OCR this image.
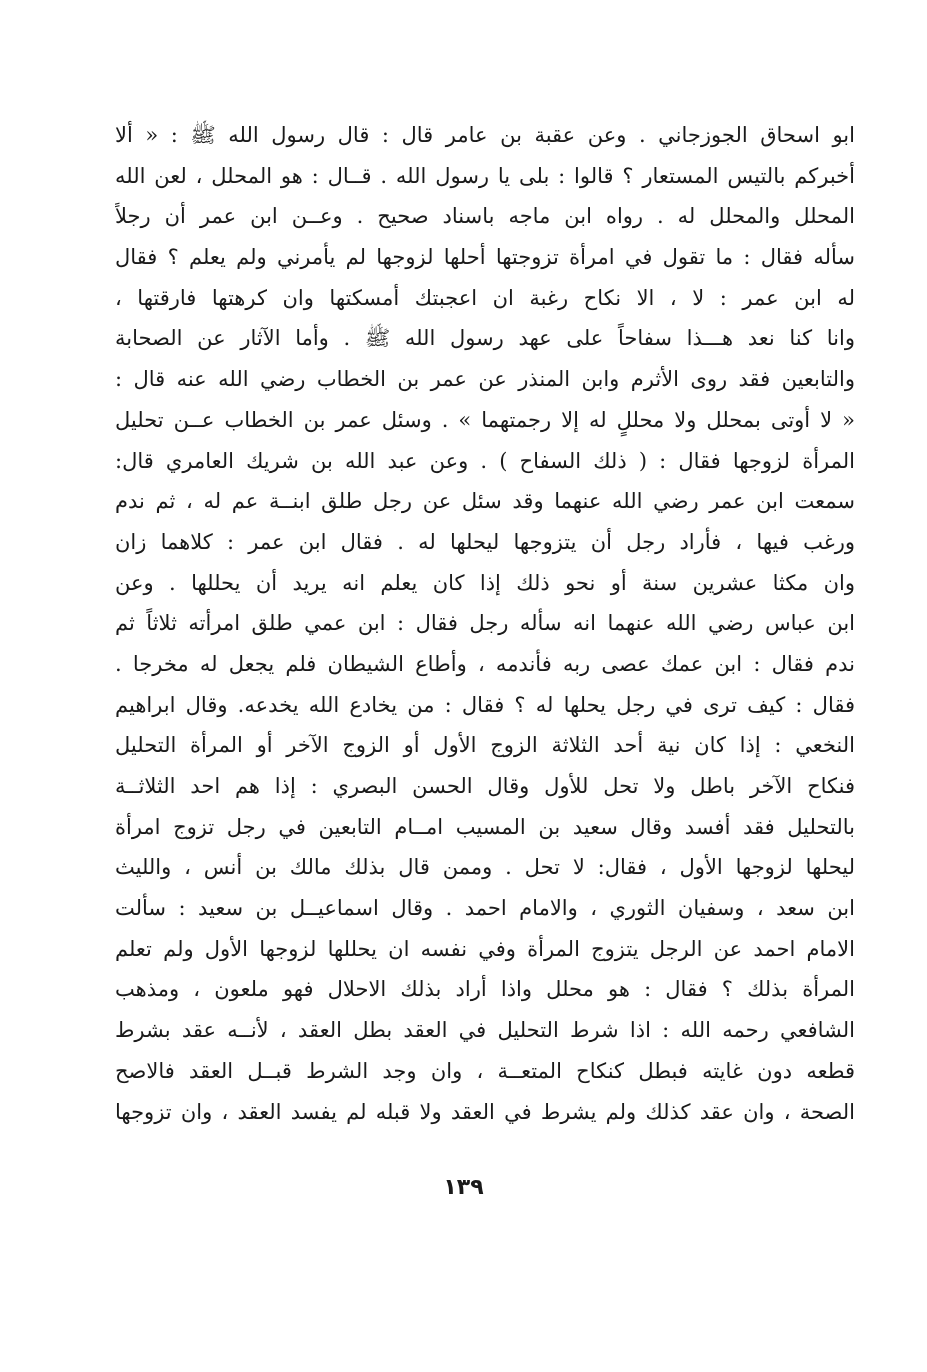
ابو اسحاق الجوزجاني . وعن عقبة بن عامر قال : قال رسول الله ﷺ : « ألا
أخبركم بالتيس المستعار ؟ قالوا : بلى يا رسول الله . قــال : هو المحلل ، لعن الله
المحلل والمحلل له . رواه ابن ماجه باسناد صحيح . وعــن ابن عمر أن رجلاً
سأله فقال : ما تقول في امرأة تزوجتها أحلها لزوجها لم يأمرني ولم يعلم ؟ فقال
له ابن عمر : لا ، الا نكاح رغبة ان اعجبتك أمسكتها وان كرهتها فارقتها ،
وانا كنا نعد هـــذا سفاحاً على عهد رسول الله ﷺ . وأما الآثار عن الصحابة
والتابعين فقد روى الأثرم وابن المنذر عن عمر بن الخطاب رضي الله عنه قال :
« لا أوتى بمحلل ولا محللٍ له إلا رجمتهما » . وسئل عمر بن الخطاب عــن تحليل
المرأة لزوجها فقال : ( ذلك السفاح ) . وعن عبد الله بن شريك العامري قال:
سمعت ابن عمر رضي الله عنهما وقد سئل عن رجل طلق ابنــة عم له ، ثم ندم
ورغب فيها ، فأراد رجل أن يتزوجها ليحلها له . فقال ابن عمر : كلاهما زان
وان مكثا عشرين سنة أو نحو ذلك إذا كان يعلم انه يريد أن يحللها . وعن
ابن عباس رضي الله عنهما انه سأله رجل فقال : ابن عمي طلق امرأته ثلاثاً ثم
ندم فقال : ابن عمك عصى ربه فأندمه ، وأطاع الشيطان فلم يجعل له مخرجا .
فقال : كيف ترى في رجل يحلها له ؟ فقال : من يخادع الله يخدعه. وقال ابراهيم
النخعي : إذا كان نية أحد الثلاثة الزوج الأول أو الزوج الآخر أو المرأة التحليل
فنكاح الآخر باطل ولا تحل للأول وقال الحسن البصري : إذا هم احد الثلاثــة
بالتحليل فقد أفسد وقال سعيد بن المسيب امــام التابعين في رجل تزوج امرأة
ليحلها لزوجها الأول ، فقال: لا تحل . وممن قال بذلك مالك بن أنس ، والليث
ابن سعد ، وسفيان الثوري ، والامام احمد . وقال اسماعيــل بن سعيد : سألت
الامام احمد عن الرجل يتزوج المرأة وفي نفسه ان يحللها لزوجها الأول ولم تعلم
المرأة بذلك ؟ فقال : هو محلل واذا أراد بذلك الاحلال فهو ملعون ، ومذهب
الشافعي رحمه الله : اذا شرط التحليل في العقد بطل العقد ، لأنــه عقد بشرط
قطعه دون غايته فبطل كنكاح المتعــة ، وان وجد الشرط قبــل العقد فالاصح
الصحة ، وان عقد كذلك ولم يشرط في العقد ولا قبله لم يفسد العقد ، وان تزوجها
١٣٩
